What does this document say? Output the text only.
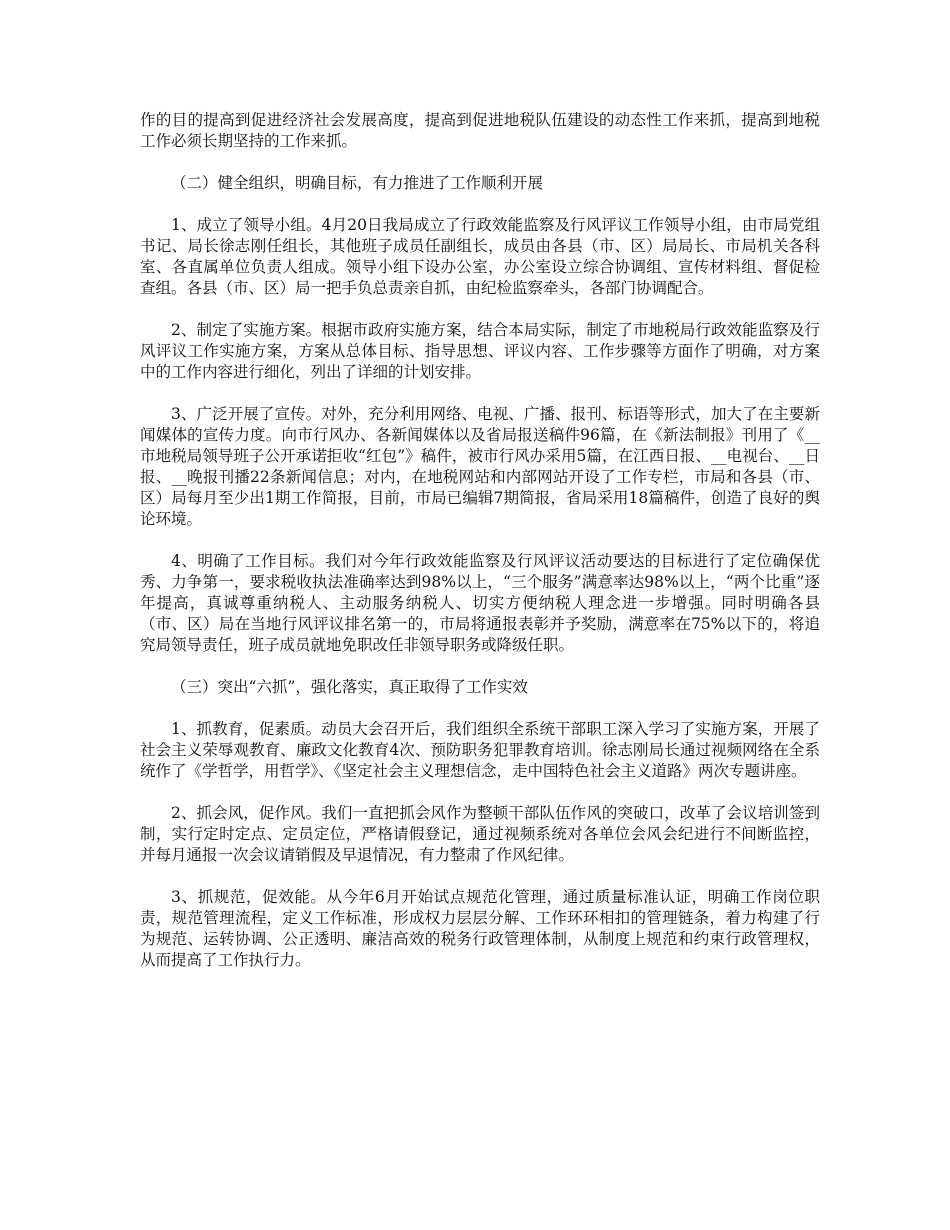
作的目的提高到促进经济社会发展高度，提高到促进地税队伍建设的动态性工作来抓，提高到地税工作必须长期坚持的工作来抓。

（二）健全组织，明确目标，有力推进了工作顺利开展

1、成立了领导小组。4月20日我局成立了行政效能监察及行风评议工作领导小组，由市局党组书记、局长徐志刚任组长，其他班子成员任副组长，成员由各县（市、区）局局长、市局机关各科室、各直属单位负责人组成。领导小组下设办公室，办公室设立综合协调组、宣传材料组、督促检查组。各县（市、区）局一把手负总责亲自抓，由纪检监察牵头，各部门协调配合。

2、制定了实施方案。根据市政府实施方案，结合本局实际，制定了市地税局行政效能监察及行风评议工作实施方案，方案从总体目标、指导思想、评议内容、工作步骤等方面作了明确，对方案中的工作内容进行细化，列出了详细的计划安排。

3、广泛开展了宣传。对外，充分利用网络、电视、广播、报刊、标语等形式，加大了在主要新闻媒体的宣传力度。向市行风办、各新闻媒体以及省局报送稿件96篇，在《新法制报》刊用了《__市地税局领导班子公开承诺拒收“红包”》稿件，被市行风办采用5篇，在江西日报、__电视台、__日报、__晚报刊播22条新闻信息；对内，在地税网站和内部网站开设了工作专栏，市局和各县（市、区）局每月至少出1期工作简报，目前，市局已编辑7期简报，省局采用18篇稿件，创造了良好的舆论环境。

4、明确了工作目标。我们对今年行政效能监察及行风评议活动要达的目标进行了定位确保优秀、力争第一，要求税收执法准确率达到98%以上，“三个服务”满意率达98%以上，“两个比重”逐年提高，真诚尊重纳税人、主动服务纳税人、切实方便纳税人理念进一步增强。同时明确各县（市、区）局在当地行风评议排名第一的，市局将通报表彰并予奖励，满意率在75%以下的，将追究局领导责任，班子成员就地免职改任非领导职务或降级任职。

（三）突出“六抓”，强化落实，真正取得了工作实效

1、抓教育，促素质。动员大会召开后，我们组织全系统干部职工深入学习了实施方案，开展了社会主义荣辱观教育、廉政文化教育4次、预防职务犯罪教育培训。徐志刚局长通过视频网络在全系统作了《学哲学，用哲学》、《坚定社会主义理想信念，走中国特色社会主义道路》两次专题讲座。

2、抓会风，促作风。我们一直把抓会风作为整顿干部队伍作风的突破口，改革了会议培训签到制，实行定时定点、定员定位，严格请假登记，通过视频系统对各单位会风会纪进行不间断监控，并每月通报一次会议请销假及早退情况，有力整肃了作风纪律。

3、抓规范，促效能。从今年6月开始试点规范化管理，通过质量标准认证，明确工作岗位职责，规范管理流程，定义工作标准，形成权力层层分解、工作环环相扣的管理链条，着力构建了行为规范、运转协调、公正透明、廉洁高效的税务行政管理体制，从制度上规范和约束行政管理权，从而提高了工作执行力。
